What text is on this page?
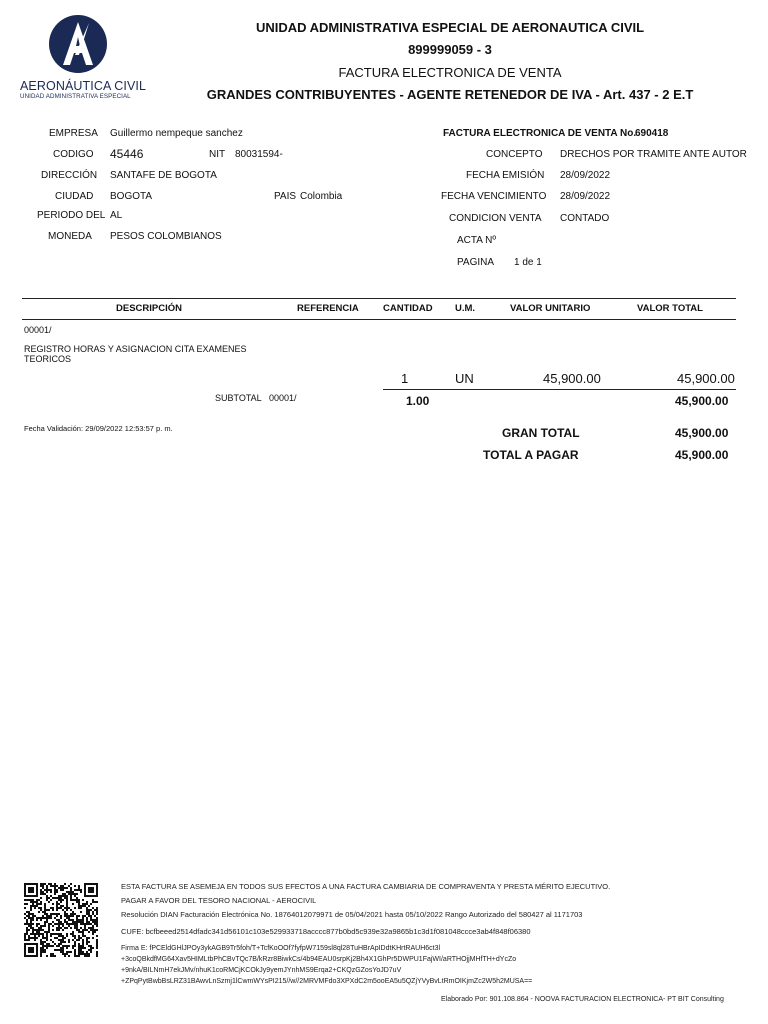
AERONÁUTICA CIVIL
UNIDAD ADMINISTRATIVA ESPECIAL
UNIDAD ADMINISTRATIVA ESPECIAL DE AERONAUTICA CIVIL
899999059 - 3
FACTURA ELECTRONICA DE VENTA
GRANDES CONTRIBUYENTES - AGENTE RETENEDOR DE IVA - Art. 437 - 2 E.T
EMPRESA Guillermo nempeque sanchez
CODIGO 45446	NIT 80031594-
DIRECCIÓN SANTAFE DE BOGOTA
CIUDAD BOGOTA	PAIS Colombia
PERIODO DEL AL
MONEDA PESOS COLOMBIANOS
FACTURA ELECTRONICA DE VENTA No.
690418
CONCEPTO DRECHOS POR TRAMITE ANTE AUTOR
FECHA EMISIÓN 28/09/2022
FECHA VENCIMIENTO 28/09/2022
CONDICION VENTA CONTADO
ACTA Nº
PAGINA 1 de 1
DESCRIPCIÓN	REFERENCIA	CANTIDAD U.M.	VALOR UNITARIO	VALOR TOTAL
00001/
REGISTRO HORAS Y ASIGNACION CITA EXAMENES
TEORICOS
1	UN	45,900.00	45,900.00
SUBTOTAL 00001/	1.00	45,900.00
Fecha Validación: 29/09/2022 12:53:57 p. m.	GRAN TOTAL	45,900.00
TOTAL A PAGAR	45,900.00
ESTA FACTURA SE ASEMEJA EN TODOS SUS EFECTOS A UNA FACTURA CAMBIARIA DE COMPRAVENTA Y PRESTA MÉRITO EJECUTIVO.
PAGAR A FAVOR DEL TESORO NACIONAL - AEROCIVIL
Resolución DIAN Facturación Electrónica No. 18764012079971 de 05/04/2021 hasta 05/10/2022 Rango Autorizado del 580427 al 1171703
CUFE: bcfbeeed2514dfadc341d56101c103e529933718acccc877b0bd5c939e32a9865b1c3d1f081048ccce3ab4f848f06380
Firma E: fPCEldGHlJPOy3ykAGB9Tr5foh/T+TcfKoOOf7fyfpW7159sl8ql28TuHBrApIDdtKHrtRAUH6ct3l
+3coQBkdfMG64Xav5HIMLtbPhCBvTQc7B/kRzr8BiwkCs/4b94EAU0srpKj2Bh4X1GhPr5DWPU1FajWI/aRTHOjjMHfTH+dYcZo
+9nkA/BILNmH7ekJMv/nhuK1coRMCjKCOkJy9yemJYnhMS9Erqa2+CKQzGZosYoJD7uV
+ZPqPytBwbBsLRZ31BAwvLnSzmj1lCwmWYsPI215//w//2MRVMFdo3XPXdC2m5ooEA5u5QZjYVyBvLtRmOIKjmZc2W5h2MUSA==
Elaborado Por: 901.108.864 - NOOVA FACTURACION ELECTRONICA- PT BIT Consulting
